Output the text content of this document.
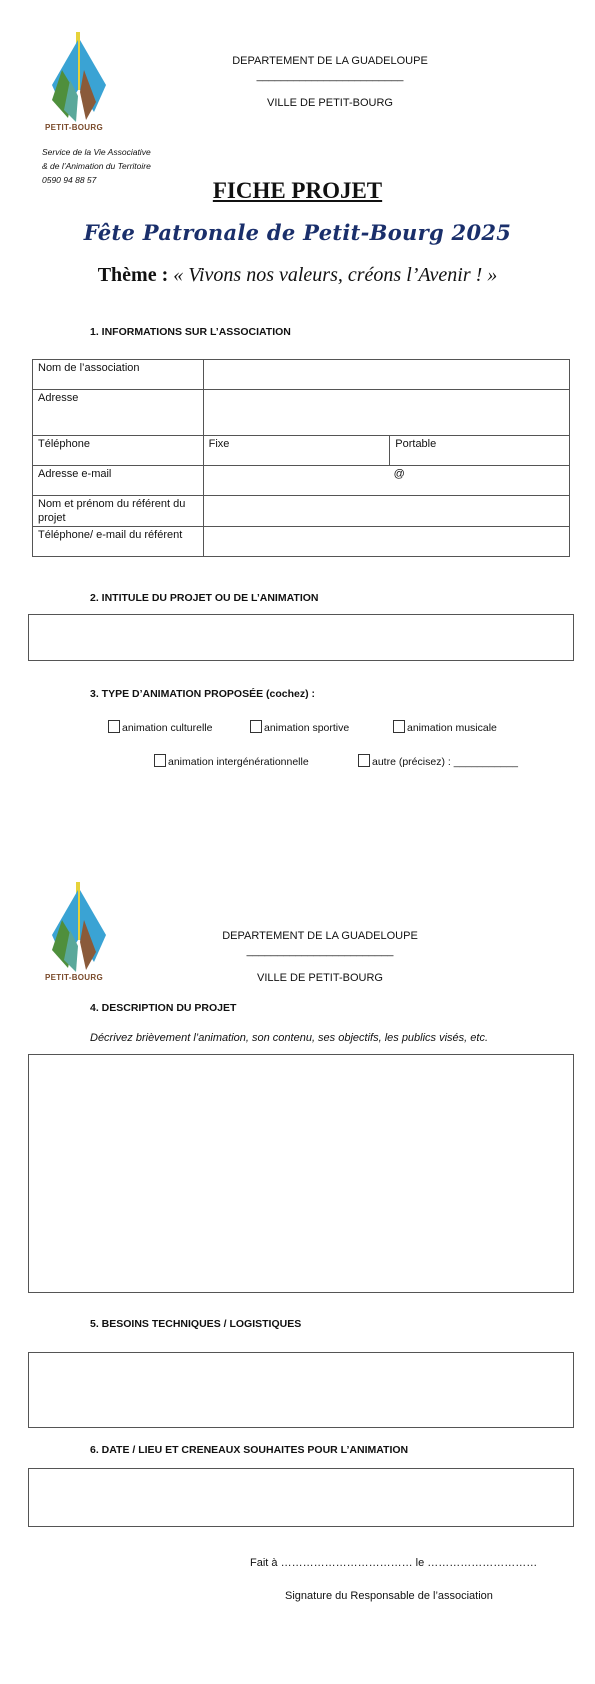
PETIT-BOURG
DEPARTEMENT DE LA GUADELOUPE
________________________
VILLE DE PETIT-BOURG
Service de la Vie Associative
& de l’Animation du Territoire
0590 94 88 57	FICHE PROJET
Fête Patronale de Petit-Bourg 2025
Thème : « Vivons nos valeurs, créons l’Avenir ! »
1. INFORMATIONS SUR L’ASSOCIATION
Nom de l’association		
Adresse		
Téléphone	Fixe	Portable
Adresse e-mail	@	
Nom et prénom du référent du projet		
Téléphone/ e-mail du référent		
2. INTITULE DU PROJET OU DE L’ANIMATION
3. TYPE D’ANIMATION PROPOSÉE (cochez) :
animation culturelle	animation sportive	animation musicale
animation intergénérationnelle	autre (précisez) : ___________
PETIT-BOURG
DEPARTEMENT DE LA GUADELOUPE
________________________
VILLE DE PETIT-BOURG
4. DESCRIPTION DU PROJET
Décrivez brièvement l’animation, son contenu, ses objectifs, les publics visés, etc.
5. BESOINS TECHNIQUES / LOGISTIQUES
6. DATE / LIEU ET CRENEAUX SOUHAITES POUR L’ANIMATION
Fait à ……………………………… le …………………………
Signature du Responsable de l’association
